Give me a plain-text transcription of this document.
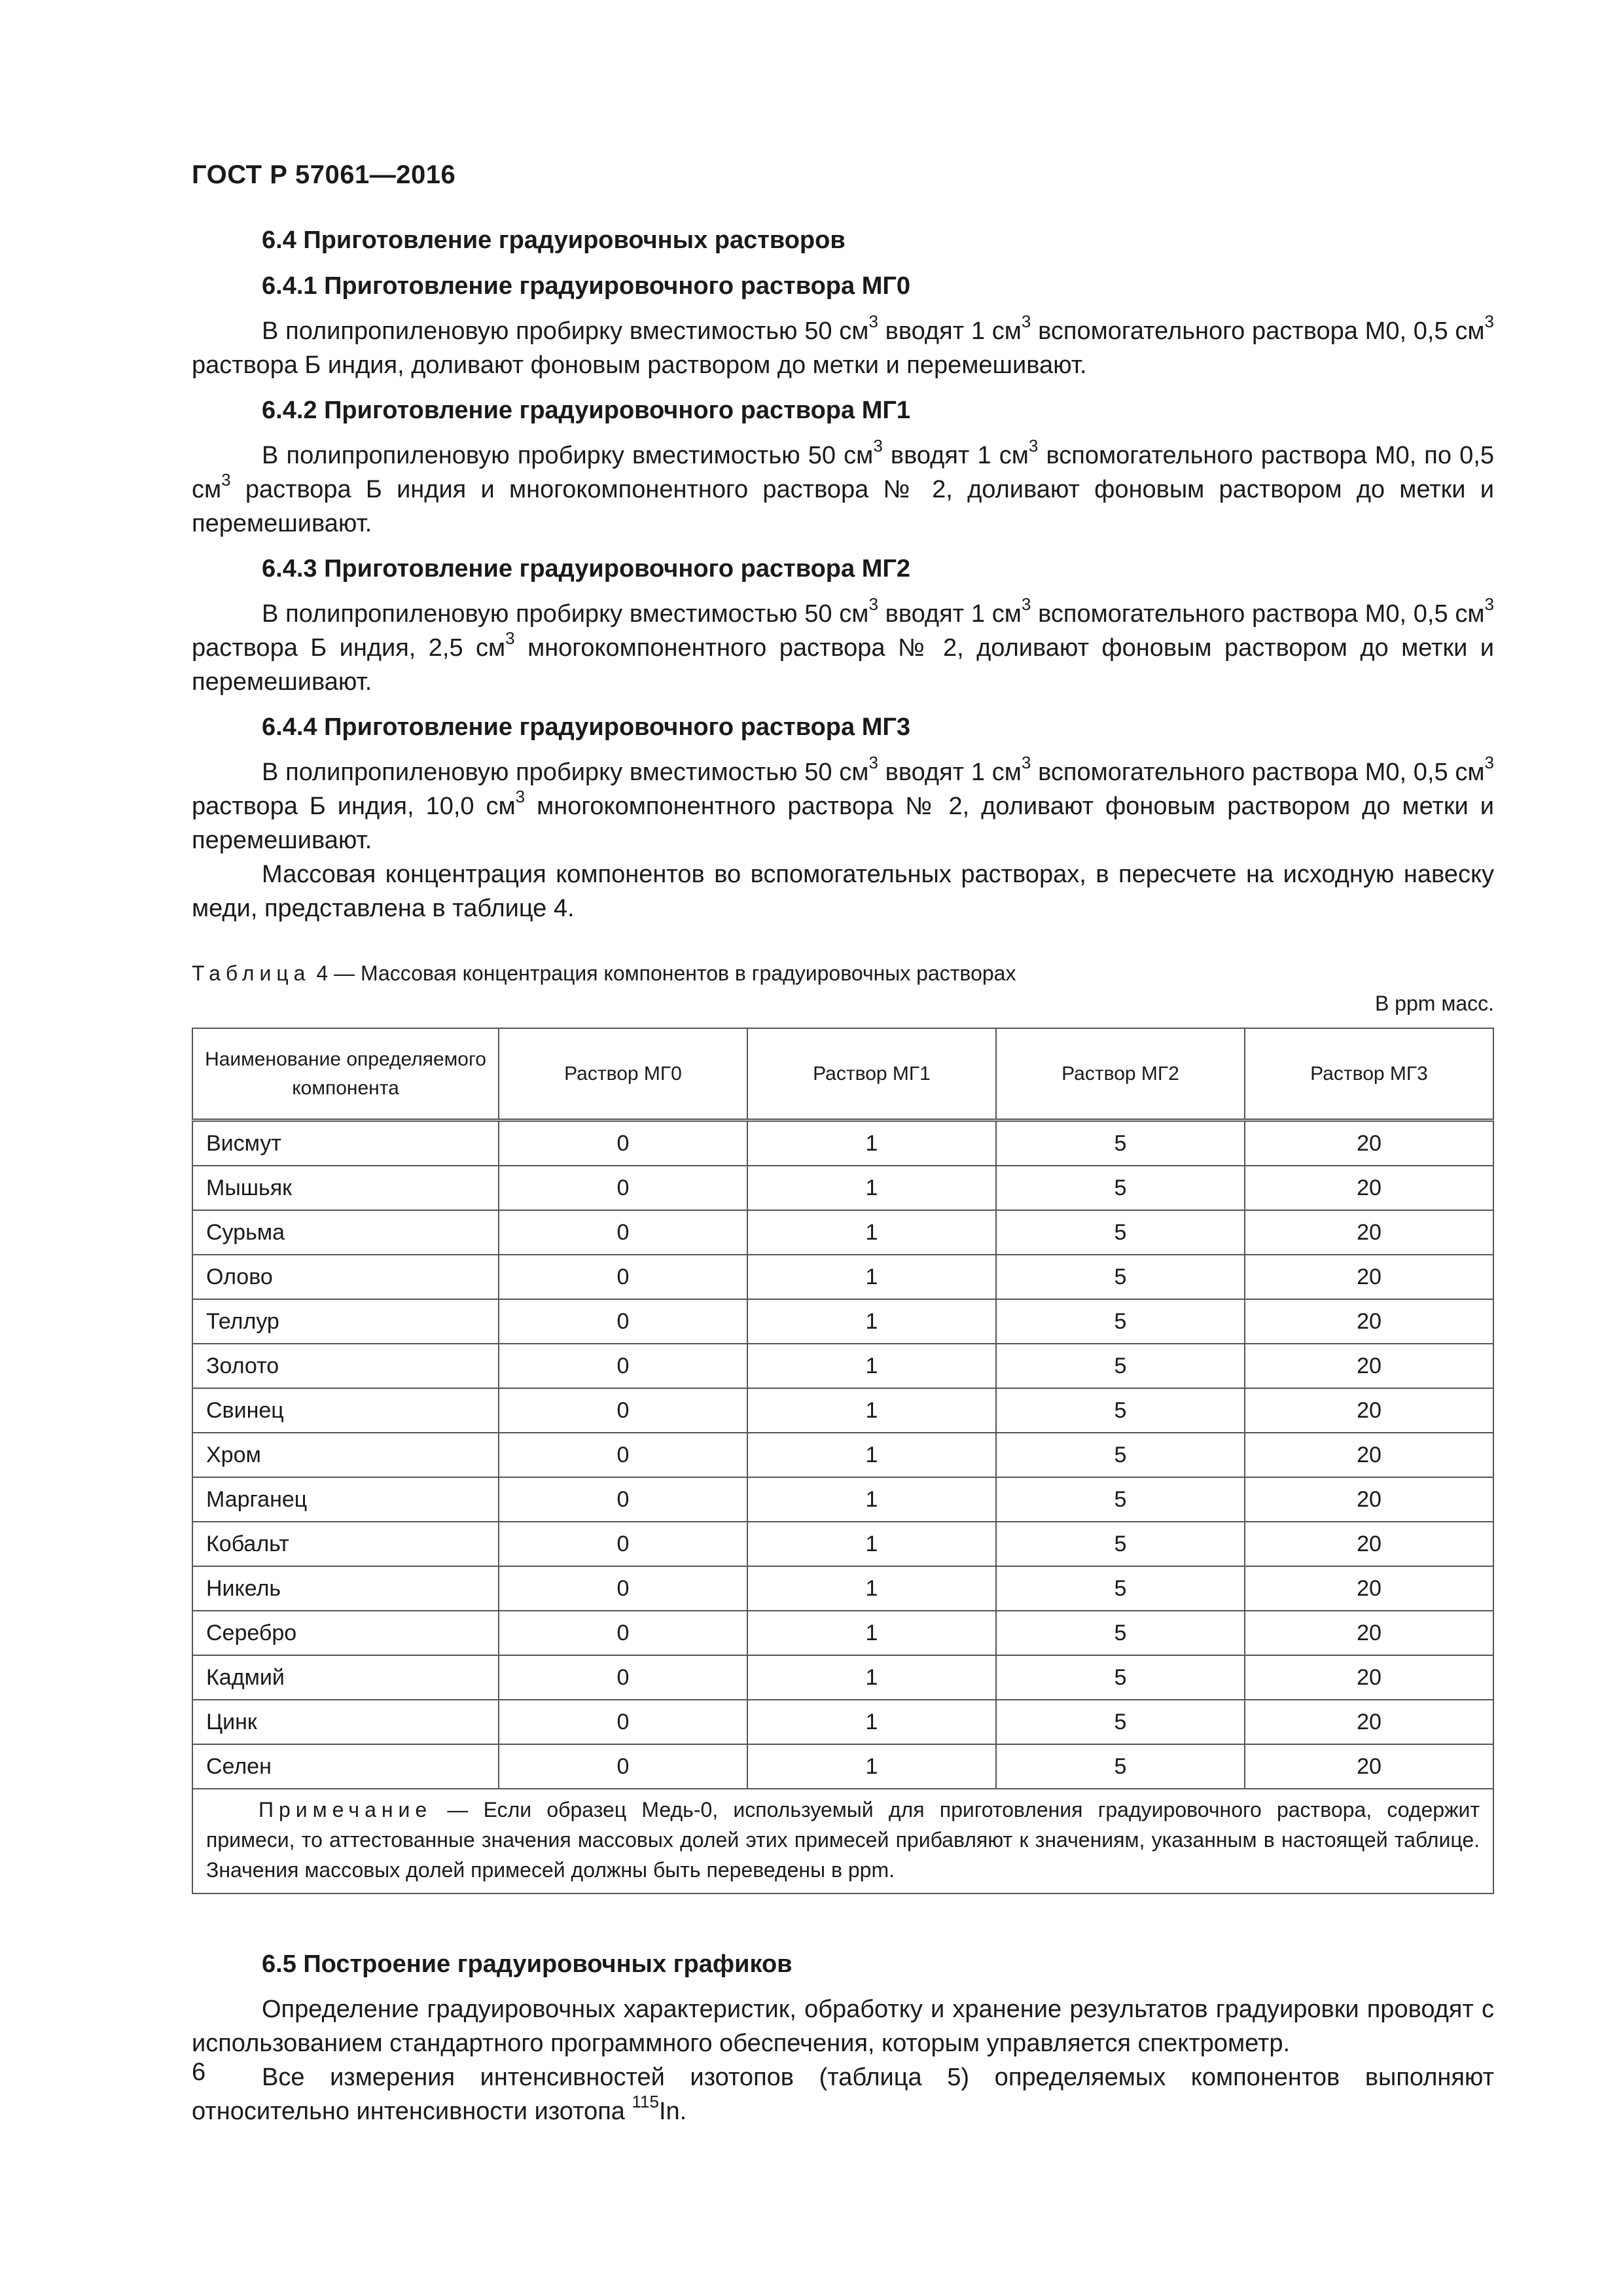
ГОСТ Р 57061—2016
6.4 Приготовление градуировочных растворов
6.4.1 Приготовление градуировочного раствора МГ0
В полипропиленовую пробирку вместимостью 50 $см^3$ вводят 1 $см^3$ вспомогательного раствора М0, 0,5 $см^3$ раствора Б индия, доливают фоновым раствором до метки и перемешивают.
6.4.2 Приготовление градуировочного раствора МГ1
В полипропиленовую пробирку вместимостью 50 $см^3$ вводят 1 $см^3$ вспомогательного раствора М0, по 0,5 $см^3$ раствора Б индия и многокомпонентного раствора № 2, доливают фоновым раствором до метки и перемешивают.
6.4.3 Приготовление градуировочного раствора МГ2
В полипропиленовую пробирку вместимостью 50 $см^3$ вводят 1 $см^3$ вспомогательного раствора М0, 0,5 $см^3$ раствора Б индия, 2,5 $см^3$ многокомпонентного раствора № 2, доливают фоновым раствором до метки и перемешивают.
6.4.4 Приготовление градуировочного раствора МГ3
В полипропиленовую пробирку вместимостью 50 $см^3$ вводят 1 $см^3$ вспомогательного раствора М0, 0,5 $см^3$ раствора Б индия, 10,0 $см^3$ многокомпонентного раствора № 2, доливают фоновым раствором до метки и перемешивают.
Массовая концентрация компонентов во вспомогательных растворах, в пересчете на исходную навеску меди, представлена в таблице 4.
Таблица 4 — Массовая концентрация компонентов в градуировочных растворах
В ppm масс.
Наименование определяемого компонента	Раствор МГ0	Раствор МГ1	Раствор МГ2	Раствор МГ3
Висмут	0	1	5	20
Мышьяк	0	1	5	20
Сурьма	0	1	5	20
Олово	0	1	5	20
Теллур	0	1	5	20
Золото	0	1	5	20
Свинец	0	1	5	20
Хром	0	1	5	20
Марганец	0	1	5	20
Кобальт	0	1	5	20
Никель	0	1	5	20
Серебро	0	1	5	20
Кадмий	0	1	5	20
Цинк	0	1	5	20
Селен	0	1	5	20
Примечание — Если образец Медь-0, используемый для приготовления градуировочного раствора, содержит примеси, то аттестованные значения массовых долей этих примесей прибавляют к значениям, указанным в настоящей таблице. Значения массовых долей примесей должны быть переведены в ppm.				
6.5 Построение градуировочных графиков
Определение градуировочных характеристик, обработку и хранение результатов градуировки проводят с использованием стандартного программного обеспечения, которым управляется спектрометр.
Все измерения интенсивностей изотопов (таблица 5) определяемых компонентов выполняют относительно интенсивности изотопа $^{115}$In.
6
